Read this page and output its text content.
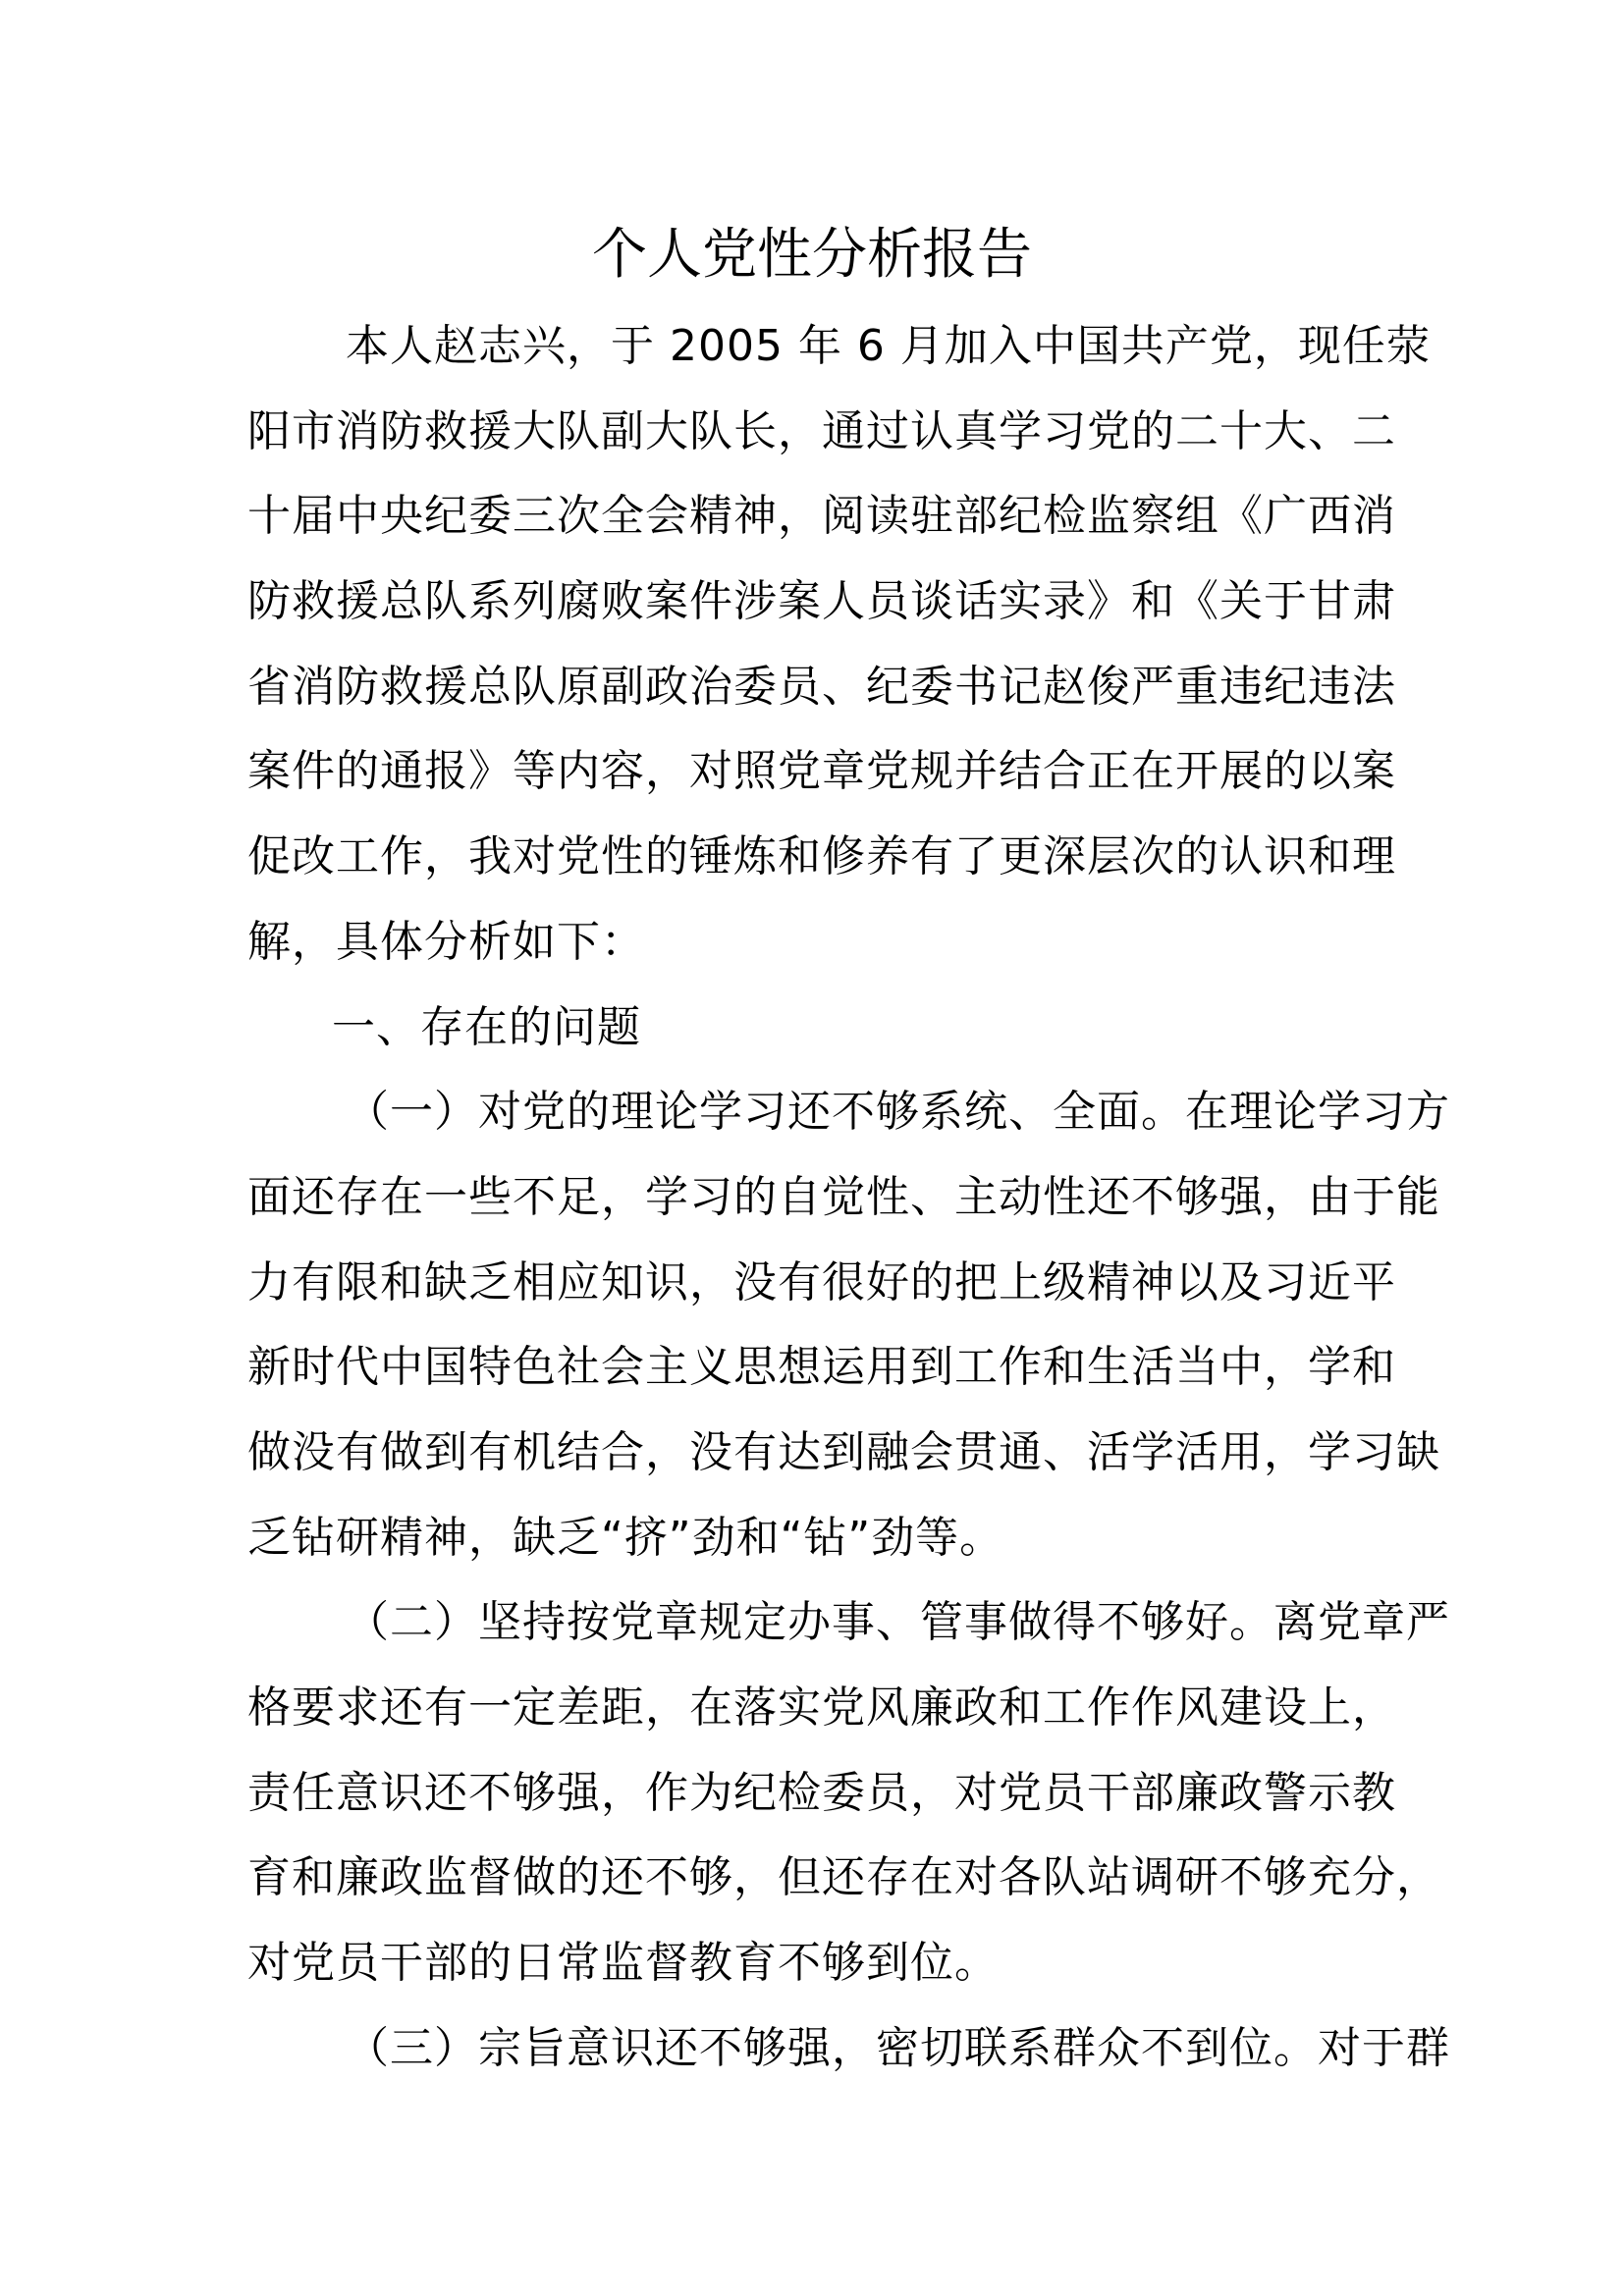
个人党性分析报告
本人赵志兴，于 2005 年 6 月加入中国共产党，现任荥
阳市消防救援大队副大队长，通过认真学习党的二十大、二
十届中央纪委三次全会精神，阅读驻部纪检监察组《广西消
防救援总队系列腐败案件涉案人员谈话实录》和《关于甘肃
省消防救援总队原副政治委员、纪委书记赵俊严重违纪违法
案件的通报》等内容，对照党章党规并结合正在开展的以案
促改工作，我对党性的锤炼和修养有了更深层次的认识和理
解，具体分析如下：
一、存在的问题
（一）对党的理论学习还不够系统、全面。在理论学习方
面还存在一些不足，学习的自觉性、主动性还不够强，由于能
力有限和缺乏相应知识，没有很好的把上级精神以及习近平
新时代中国特色社会主义思想运用到工作和生活当中，学和
做没有做到有机结合，没有达到融会贯通、活学活用，学习缺
乏钻研精神，缺乏“挤”劲和“钻”劲等。
（二）坚持按党章规定办事、管事做得不够好。离党章严
格要求还有一定差距，在落实党风廉政和工作作风建设上，
责任意识还不够强，作为纪检委员，对党员干部廉政警示教
育和廉政监督做的还不够，但还存在对各队站调研不够充分，
对党员干部的日常监督教育不够到位。
（三）宗旨意识还不够强，密切联系群众不到位。对于群
